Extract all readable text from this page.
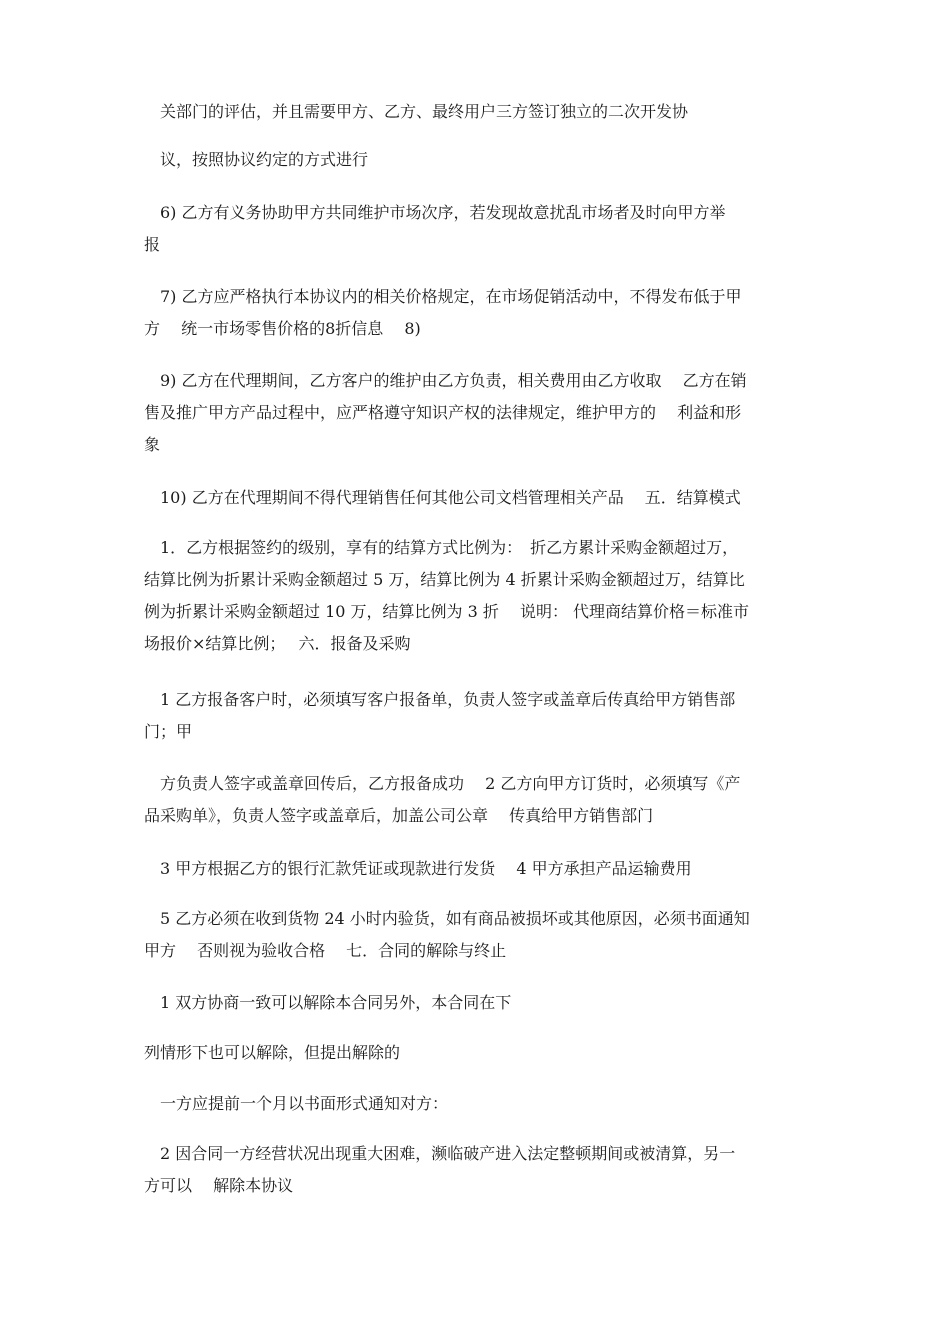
　关部门的评估，并且需要甲方、乙方、最终用户三方签订独立的二次开发协
　议，按照协议约定的方式进行
　6) 乙方有义务协助甲方共同维护市场次序，若发现故意扰乱市场者及时向甲方举
报
　7) 乙方应严格执行本协议内的相关价格规定，在市场促销活动中，不得发布低于甲
方　 统一市场零售价格的8折信息　 8)
　9) 乙方在代理期间，乙方客户的维护由乙方负责，相关费用由乙方收取　 乙方在销
售及推广甲方产品过程中，应严格遵守知识产权的法律规定，维护甲方的　 利益和形
象
　10) 乙方在代理期间不得代理销售任何其他公司文档管理相关产品　 五．结算模式
　1．乙方根据签约的级别，享有的结算方式比例为：　折乙方累计采购金额超过万，
结算比例为折累计采购金额超过 5 万，结算比例为 4 折累计采购金额超过万，结算比
例为折累计采购金额超过 10 万，结算比例为 3 折　 说明： 代理商结算价格＝标准市
场报价×结算比例；　 六．报备及采购
　1 乙方报备客户时，必须填写客户报备单，负责人签字或盖章后传真给甲方销售部
门；甲
　方负责人签字或盖章回传后，乙方报备成功　 2 乙方向甲方订货时，必须填写《产
品采购单》，负责人签字或盖章后，加盖公司公章　 传真给甲方销售部门
　3 甲方根据乙方的银行汇款凭证或现款进行发货　 4 甲方承担产品运输费用
　5 乙方必须在收到货物 24 小时内验货，如有商品被损坏或其他原因，必须书面通知
甲方　 否则视为验收合格　 七．合同的解除与终止
　1 双方协商一致可以解除本合同另外，本合同在下
列情形下也可以解除，但提出解除的
　一方应提前一个月以书面形式通知对方：
　2 因合同一方经营状况出现重大困难，濒临破产进入法定整顿期间或被清算，另一
方可以　 解除本协议
